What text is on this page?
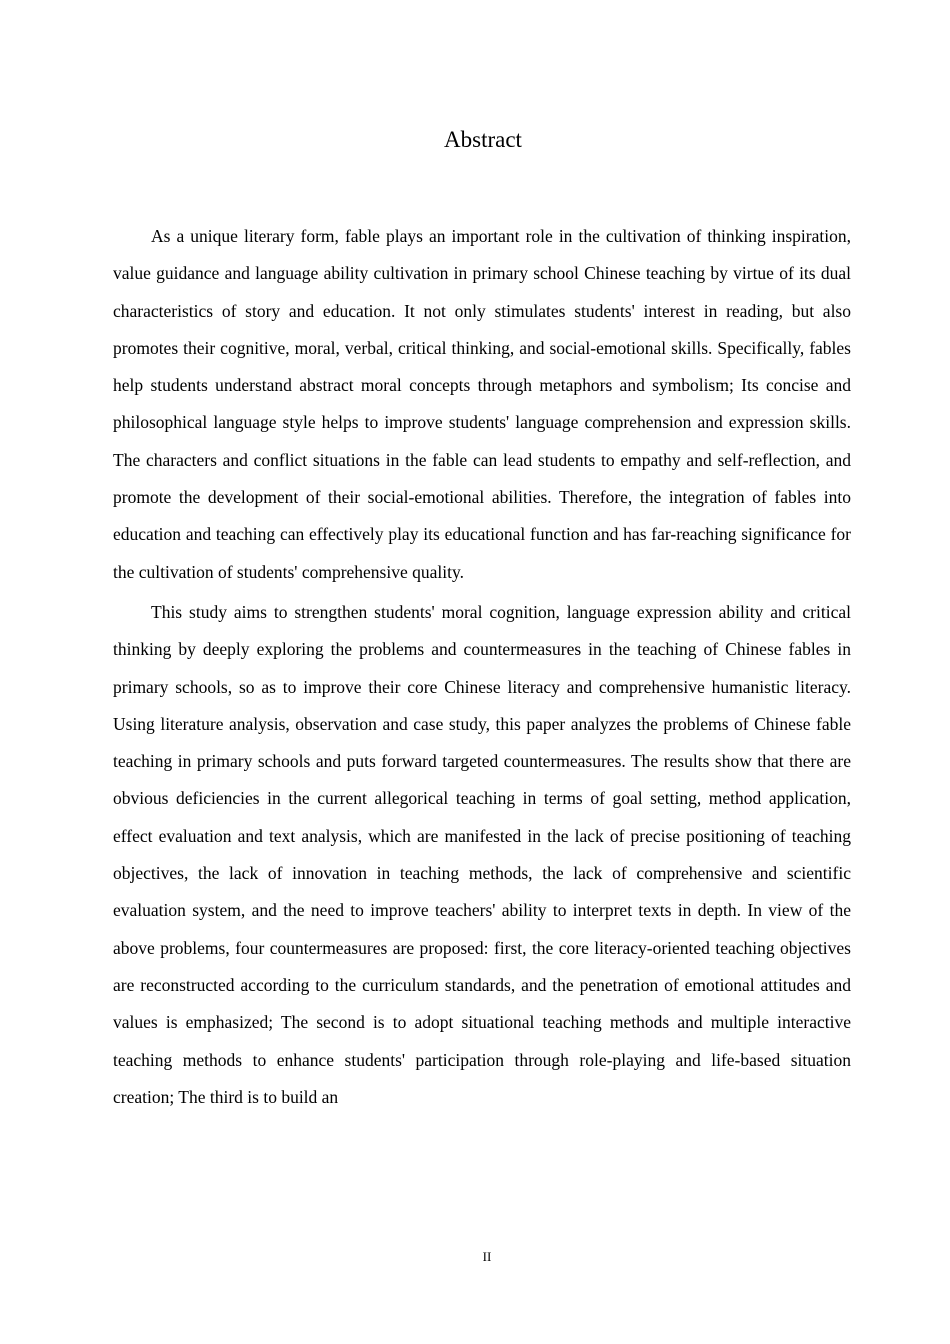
Abstract

As a unique literary form, fable plays an important role in the cultivation of thinking inspiration, value guidance and language ability cultivation in primary school Chinese teaching by virtue of its dual characteristics of story and education. It not only stimulates students' interest in reading, but also promotes their cognitive, moral, verbal, critical thinking, and social-emotional skills. Specifically, fables help students understand abstract moral concepts through metaphors and symbolism; Its concise and philosophical language style helps to improve students' language comprehension and expression skills. The characters and conflict situations in the fable can lead students to empathy and self-reflection, and promote the development of their social-emotional abilities. Therefore, the integration of fables into education and teaching can effectively play its educational function and has far-reaching significance for the cultivation of students' comprehensive quality.

This study aims to strengthen students' moral cognition, language expression ability and critical thinking by deeply exploring the problems and countermeasures in the teaching of Chinese fables in primary schools, so as to improve their core Chinese literacy and comprehensive humanistic literacy. Using literature analysis, observation and case study, this paper analyzes the problems of Chinese fable teaching in primary schools and puts forward targeted countermeasures. The results show that there are obvious deficiencies in the current allegorical teaching in terms of goal setting, method application, effect evaluation and text analysis, which are manifested in the lack of precise positioning of teaching objectives, the lack of innovation in teaching methods, the lack of comprehensive and scientific evaluation system, and the need to improve teachers' ability to interpret texts in depth. In view of the above problems, four countermeasures are proposed: first, the core literacy-oriented teaching objectives are reconstructed according to the curriculum standards, and the penetration of emotional attitudes and values is emphasized; The second is to adopt situational teaching methods and multiple interactive teaching methods to enhance students' participation through role-playing and life-based situation creation; The third is to build an

II
